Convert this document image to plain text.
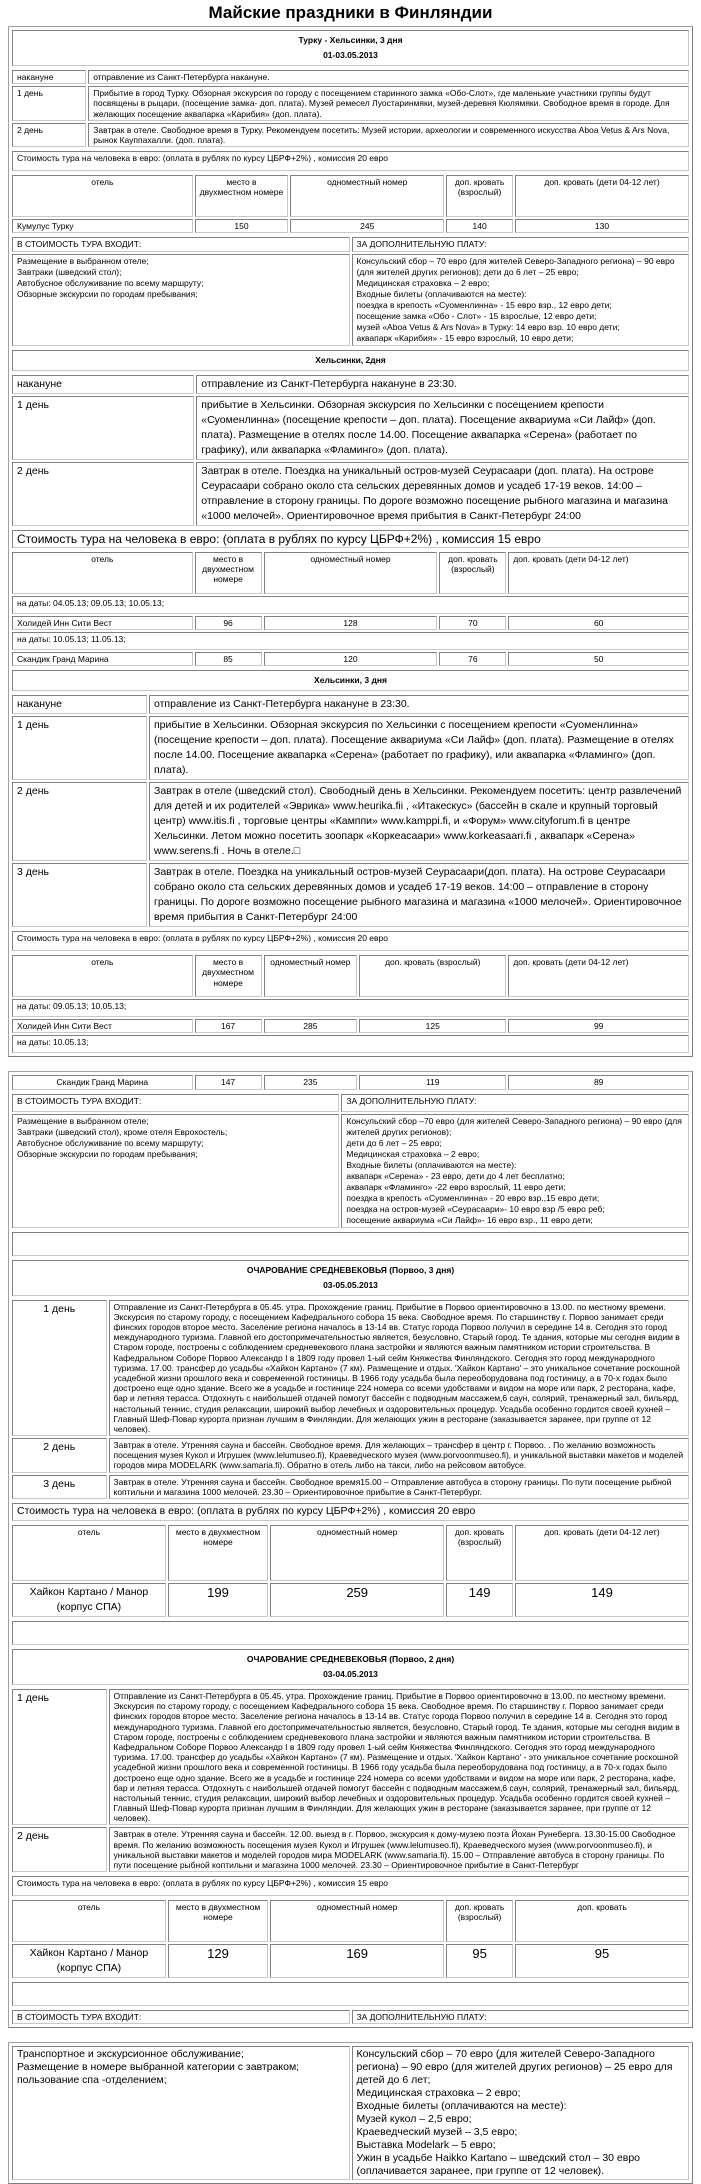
Майские праздники в Финляндии
Турку - Хельсинки, 3 дня
01-03.05.2013
накануне	отправление из Санкт-Петербурга накануне.
1 день	Прибытие в город Турку. Обзорная экскурсия по городу с посещением старинного замка «Обо-Слот», где маленькие участники группы будут посвящены в рыцари. (посещение замка- доп. плата). Музей ремесел Луостаринмяки, музей-деревня Кюлямяки. Свободное время в городе. Для желающих посещение аквапарка «Карибия» (доп. плата).
2 день	Завтрак в отеле. Свободное время в Турку. Рекомендуем посетить: Музей истории, археологии и современного искусства Aboa Vetus & Ars Nova, рынок Кауппахалли. (доп. плата).
Стоимость тура на человека в евро: (оплата в рублях по курсу ЦБРФ+2%) , комиссия 20 евро
отель	место в двухместном номере	одноместный номер	доп. кровать (взрослый)	доп. кровать (дети 04-12 лет)
Кумулус Турку	150	245	140	130
В СТОИМОСТЬ ТУРА ВХОДИТ:	ЗА ДОПОЛНИТЕЛЬНУЮ ПЛАТУ:

Размещение в выбранном отеле;
Завтраки (шведский стол);
Автобусное обслуживание по всему маршруту;
Обзорные экскурсии по городам пребывания;

Консульский сбор – 70 евро (для жителей Северо-Западного региона) – 90 евро (для жителей других регионов); дети до 6 лет – 25 евро;
Медицинская страховка – 2 евро;
Входные билеты (оплачиваются на месте):
поездка в крепость «Суоменлинна» - 15 евро взр., 12 евро дети;
посещение замка «Обо - Слот» - 15 взрослые, 12 евро дети;
музей «Aboa Vetus & Ars Nova» в Турку: 14 евро взр. 10 евро дети;
аквапарк «Карибия» - 15 евро взрослый, 10 евро дети;
Хельсинки, 2дня
накануне	отправление из Санкт-Петербурга накануне в 23:30.
1 день	прибытие в Хельсинки. Обзорная экскурсия по Хельсинки с посещением крепости «Суоменлинна» (посещение крепости – доп. плата). Посещение аквариума «Си Лайф» (доп. плата). Размещение в отелях после 14.00. Посещение аквапарка «Серена» (работает по графику), или аквапарка «Фламинго» (доп. плата).
2 день	Завтрак в отеле. Поездка на уникальный остров-музей Сеурасаари (доп. плата). На острове Сеурасаари собрано около ста сельских деревянных домов и усадеб 17-19 веков. 14:00 – отправление в сторону границы. По дороге возможно посещение рыбного магазина и магазина «1000 мелочей». Ориентировочное время прибытия в Санкт-Петербург 24:00
Стоимость тура на человека в евро: (оплата в рублях по курсу ЦБРФ+2%) , комиссия 15 евро
отель	место в двухместном номере	одноместный номер	доп. кровать (взрослый)	доп. кровать (дети 04-12 лет)
на даты: 04.05.13; 09.05.13; 10.05.13;				
Холидей Инн Сити Вест	96	128	70	60
на даты: 10.05.13; 11.05.13;				
Скандик Гранд Марина	85	120	76	50
Хельсинки, 3 дня
накануне	отправление из Санкт-Петербурга накануне в 23:30.
1 день	прибытие в Хельсинки. Обзорная экскурсия по Хельсинки с посещением крепости «Суоменлинна» (посещение крепости – доп. плата). Посещение аквариума «Си Лайф» (доп. плата). Размещение в отелях после 14.00. Посещение аквапарка «Серена» (работает по графику), или аквапарка «Фламинго» (доп. плата).
2 день	Завтрак в отеле (шведский стол). Свободный день в Хельсинки. Рекомендуем посетить: центр развлечений для детей и их родителей «Эврика» www.heurika.fii , «Итакескус» (бассейн в скале и крупный торговый центр) www.itis.fi , торговые центры «Камппи» www.kamppi.fi, и «Форум» www.cityforum.fi в центре Хельсинки. Летом можно посетить зоопарк «Коркеасаари» www.korkeasaari.fi , аквапарк «Серена» www.serens.fi . Ночь в отеле.□
3 день	Завтрак в отеле. Поездка на уникальный остров-музей Сеурасаари(доп. плата). На острове Сеурасаари собрано около ста сельских деревянных домов и усадеб 17-19 веков. 14:00 – отправление в сторону границы. По дороге возможно посещение рыбного магазина и магазина «1000 мелочей». Ориентировочное время прибытия в Санкт-Петербург 24:00
Стоимость тура на человека в евро: (оплата в рублях по курсу ЦБРФ+2%) , комиссия 20 евро
отель	место в двухместном номере	одноместный номер	доп. кровать (взрослый)	доп. кровать (дети 04-12 лет)
на даты: 09.05.13; 10.05.13;				
Холидей Инн Сити Вест	167	285	125	99
на даты: 10.05.13;				
Скандик Гранд Марина	147	235	119	89
В СТОИМОСТЬ ТУРА ВХОДИТ:	ЗА ДОПОЛНИТЕЛЬНУЮ ПЛАТУ:

Размещение в выбранном отеле;
Завтраки (шведский стол), кроме отеля Еврохостель;
Автобусное обслуживание по всему маршруту;
Обзорные экскурсии по городам пребывания;

Консульский сбор –70 евро (для жителей Северо-Западного региона) – 90 евро (для жителей других регионов);
дети до 6 лет – 25 евро;
Медицинская страховка – 2 евро;
Входные билеты (оплачиваются на месте):
аквапарк «Серена» - 23 евро, дети до 4 лет бесплатно;
аквапарк «Фламинго» -22 евро взрослый, 11 евро дети;
поездка в крепость «Суоменлинна» - 20 евро взр.,15 евро дети;
поездка на остров-музей «Сеурасаари»- 10 евро взр /5 евро реб;
посещение аквариума «Си Лайф»- 16 евро взр., 11 евро дети;
ОЧАРОВАНИЕ СРЕДНЕВЕКОВЬЯ (Порвоо, 3 дня)
03-05.05.2013
1 день	Отправление из Санкт-Петербурга в 05.45. утра. Прохождение границ. Прибытие в Порвоо ориентировочно в 13.00. по местному времени. Экскурсия по старому городу, с посещением Кафедрального собора 15 века. Свободное время. По старшинству г. Порвоо занимает среди финских городов второе место. Заселение региона началось в 13-14 вв. Статус города Порвоо получил в середине 14 в. Сегодня это город международного туризма. Главной его достопримечательностью является, безусловно, Старый город. Те здания, которые мы сегодня видим в Старом городе, построены с соблюдением средневекового плана застройки и являются важным памятником истории строительства. В Кафедральном Соборе Порвоо Александр I в 1809 году провел 1-ый сейм Княжества Финляндского. Сегодня это город международного туризма. 17.00. трансфер до усадьбы «Хайкон Картано» (7 км). Размещение и отдых. 'Хайкон Картано' – это уникальное сочетание роскошной усадебной жизни прошлого века и современной гостиницы. В 1966 году усадьба была переоборудована под гостиницу, а в 70-х годах было достроено еще одно здание. Всего же в усадьбе и гостинице 224 номера со всеми удобствами и видом на море или парк, 2 ресторана, кафе, бар и летняя терасса. Отдохнуть с наибольшей отдачей помогут бассейн с подводным массажем,6 саун, солярий, тренажерный зал, бильярд, настольный теннис, студия релаксации, широкий выбор лечебных и оздоровительных процедур. Усадьба особенно гордится своей кухней – Главный Шеф-Повар курорта признан лучшим в Финляндии. Для желающих ужин в ресторане (заказывается заранее, при группе от 12 человек).
2 день	Завтрак в отеле. Утренняя сауна и бассейн. Свободное время. Для желающих – трансфер в центр г. Порвоо. . По желанию возможность посещения музея Кукол и Игрушек (www.lelumuseo.fi), Краеведческого музея (www.porvoonmuseo.fi), и уникальной выставки макетов и моделей городов мира MODELARK (www.samaria.fi). Обратно в отель либо на такси, либо на рейсовом автобусе.
3 день	Завтрак в отеле. Утренняя сауна и бассейн. Свободное время15.00 – Отправление автобуса в сторону границы. По пути посещение рыбной коптильни и магазина 1000 мелочей. 23.30 – Ориентировочное прибытие в Санкт-Петербург.
Стоимость тура на человека в евро: (оплата в рублях по курсу ЦБРФ+2%) , комиссия 20 евро
отель	место в двухместном номере	одноместный номер	доп. кровать (взрослый)	доп. кровать (дети 04-12 лет)
Хайкон Картано / Манор (корпус СПА)	199	259	149	149
ОЧАРОВАНИЕ СРЕДНЕВЕКОВЬЯ (Порвоо, 2 дня)
03-04.05.2013
1 день	Отправление из Санкт-Петербурга в 05.45. утра. Прохождение границ. Прибытие в Порвоо ориентировочно в 13.00. по местному времени. Экскурсия по старому городу, с посещением Кафедрального собора 15 века. Свободное время. По старшинству г. Порвоо занимает среди финских городов второе место. Заселение региона началось в 13-14 вв. Статус города Порвоо получил в середине 14 в. Сегодня это город международного туризма. Главной его достопримечательностью является, безусловно, Старый город. Те здания, которые мы сегодня видим в Старом городе, построены с соблюдением средневекового плана застройки и являются важным памятником истории строительства. В Кафедральном Соборе Порвоо Александр I в 1809 году провел 1-ый сейм Княжества Финляндского. Сегодня это город международного туризма. 17.00. трансфер до усадьбы «Хайкон Картано» (7 км). Размещение и отдых. 'Хайкон Картано' - это уникальное сочетание роскошной усадебной жизни прошлого века и современной гостиницы. В 1966 году усадьба была переоборудована под гостиницу, а в 70-х годах было достроено еще одно здание. Всего же в усадьбе и гостинице 224 номера со всеми удобствами и видом на море или парк, 2 ресторана, кафе, бар и летняя терасса. Отдохнуть с наибольшей отдачей помогут бассейн с подводным массажем,6 саун, солярий, тренажерный зал, бильярд, настольный теннис, студия релаксации, широкий выбор лечебных и оздоровительных процедур. Усадьба особенно гордится своей кухней – Главный Шеф-Повар курорта признан лучшим в Финляндии. Для желающих ужин в ресторане (заказывается заранее, при группе от 12 человек).
2 день	Завтрак в отеле. Утренняя сауна и бассейн. 12.00. выезд в г. Порвоо, экскурсия к дому-музею поэта Йохан Рунеберга. 13.30-15.00 Свободное время. По желанию возможность посещения музея Кукол и Игрушек (www.lelumuseo.fi), Краеведческого музея (www.porvoonmuseo.fi), и уникальной выставки макетов и моделей городов мира MODELARK (www.samaria.fi). 15.00 – Отправление автобуса в сторону границы. По пути посещение рыбной коптильни и магазина 1000 мелочей. 23.30 – Ориентировочное прибытие в Санкт-Петербург
Стоимость тура на человека в евро: (оплата в рублях по курсу ЦБРФ+2%) , комиссия 15 евро
отель	место в двухместном номере	одноместный номер	доп. кровать (взрослый)	доп. кровать
Хайкон Картано / Манор (корпус СПА)	129	169	95	95
В СТОИМОСТЬ ТУРА ВХОДИТ:	ЗА ДОПОЛНИТЕЛЬНУЮ ПЛАТУ:
Транспортное и экскурсионное обслуживание;
Размещение в номере выбранной категории с завтраком;
пользование спа -отделением;

Консульский сбор – 70 евро (для жителей Северо-Западного региона) – 90 евро (для жителей других регионов) – 25 евро для детей до 6 лет;
Медицинская страховка – 2 евро;
Входные билеты (оплачиваются на месте):
Музей кукол – 2,5 евро;
Краеведческий музей – 3,5 евро;
Выставка Modelark – 5 евро;
Ужин в усадьбе Haikko Kartano – шведский стол – 30 евро (оплачивается заранее, при группе от 12 человек).
